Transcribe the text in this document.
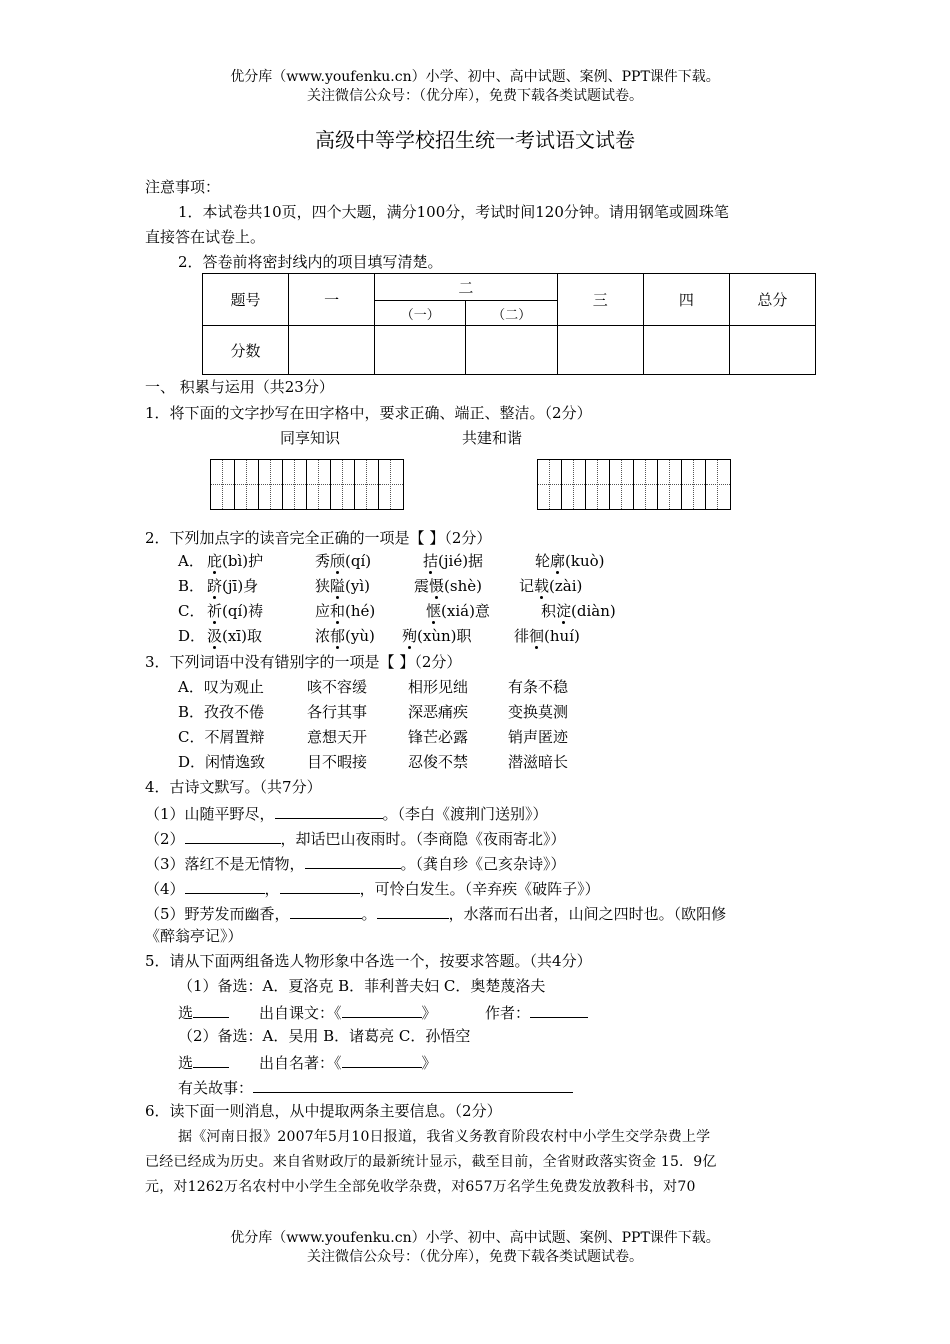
优分库（www.youfenku.cn）小学、初中、高中试题、案例、PPT课件下载。
关注微信公众号：（优分库），免费下载各类试题试卷。
高级中等学校招生统一考试语文试卷
注意事项：
1．本试卷共10页，四个大题，满分100分，考试时间120分钟。请用钢笔或圆珠笔
直接答在试卷上。
2．答卷前将密封线内的项目填写清楚。
题号	一	二		三	四	总分
		（一）	（二）			
分数						
一、 积累与运用（共23分）
1．将下面的文字抄写在田字格中，要求正确、端正、整洁。（2分）
同享知识	共建和谐
2．下列加点字的读音完全正确的一项是【 】（2分）
A． 庇(bì)护	秀颀(qí)	拮(jié)据	轮廓(kuò)
B． 跻(jī)身	狭隘(yì)	震慑(shè) 记载(zài)
C． 祈(qí)祷	应和(hé)	惬(xiá)意	积淀(diàn)
D． 汲(xī)取	浓郁(yù) 殉(xùn)职	徘徊(huí)
3．下列词语中没有错别字的一项是【 】（2分）
A．叹为观止	咳不容缓	相形见绌	有条不稳
B．孜孜不倦	各行其事	深恶痛疾	变换莫测
C．不屑置辩	意想天开	锋芒必露	销声匿迹
D．闲情逸致	目不暇接	忍俊不禁	潜滋暗长
4．古诗文默写。（共7分）
（1）山随平野尽，	。（李白《渡荆门送别》）
（2）	，却话巴山夜雨时。（李商隐《夜雨寄北》）
（3）落红不是无情物，	。（龚自珍《己亥杂诗》）
（4）	，	，可怜白发生。（辛弃疾《破阵子》）
（5）野芳发而幽香，	。	，水落而石出者，山间之四时也。（欧阳修
《醉翁亭记》）
5．请从下面两组备选人物形象中各选一个，按要求答题。（共4分）
（1）备选：A．夏洛克 B．菲利普夫妇 C．奥楚蔑洛夫
选	出自课文：《	》	作者：
（2）备选：A．吴用 B．诸葛亮 C．孙悟空
选	出自名著：《	》
有关故事：
6．读下面一则消息，从中提取两条主要信息。（2分）
据《河南日报》2007年5月10日报道，我省义务教育阶段农村中小学生交学杂费上学
已经已经成为历史。来自省财政厅的最新统计显示，截至目前，全省财政落实资金 15．9亿
元，对1262万名农村中小学生全部免收学杂费，对657万名学生免费发放教科书，对70
优分库（www.youfenku.cn）小学、初中、高中试题、案例、PPT课件下载。
关注微信公众号：（优分库），免费下载各类试题试卷。
